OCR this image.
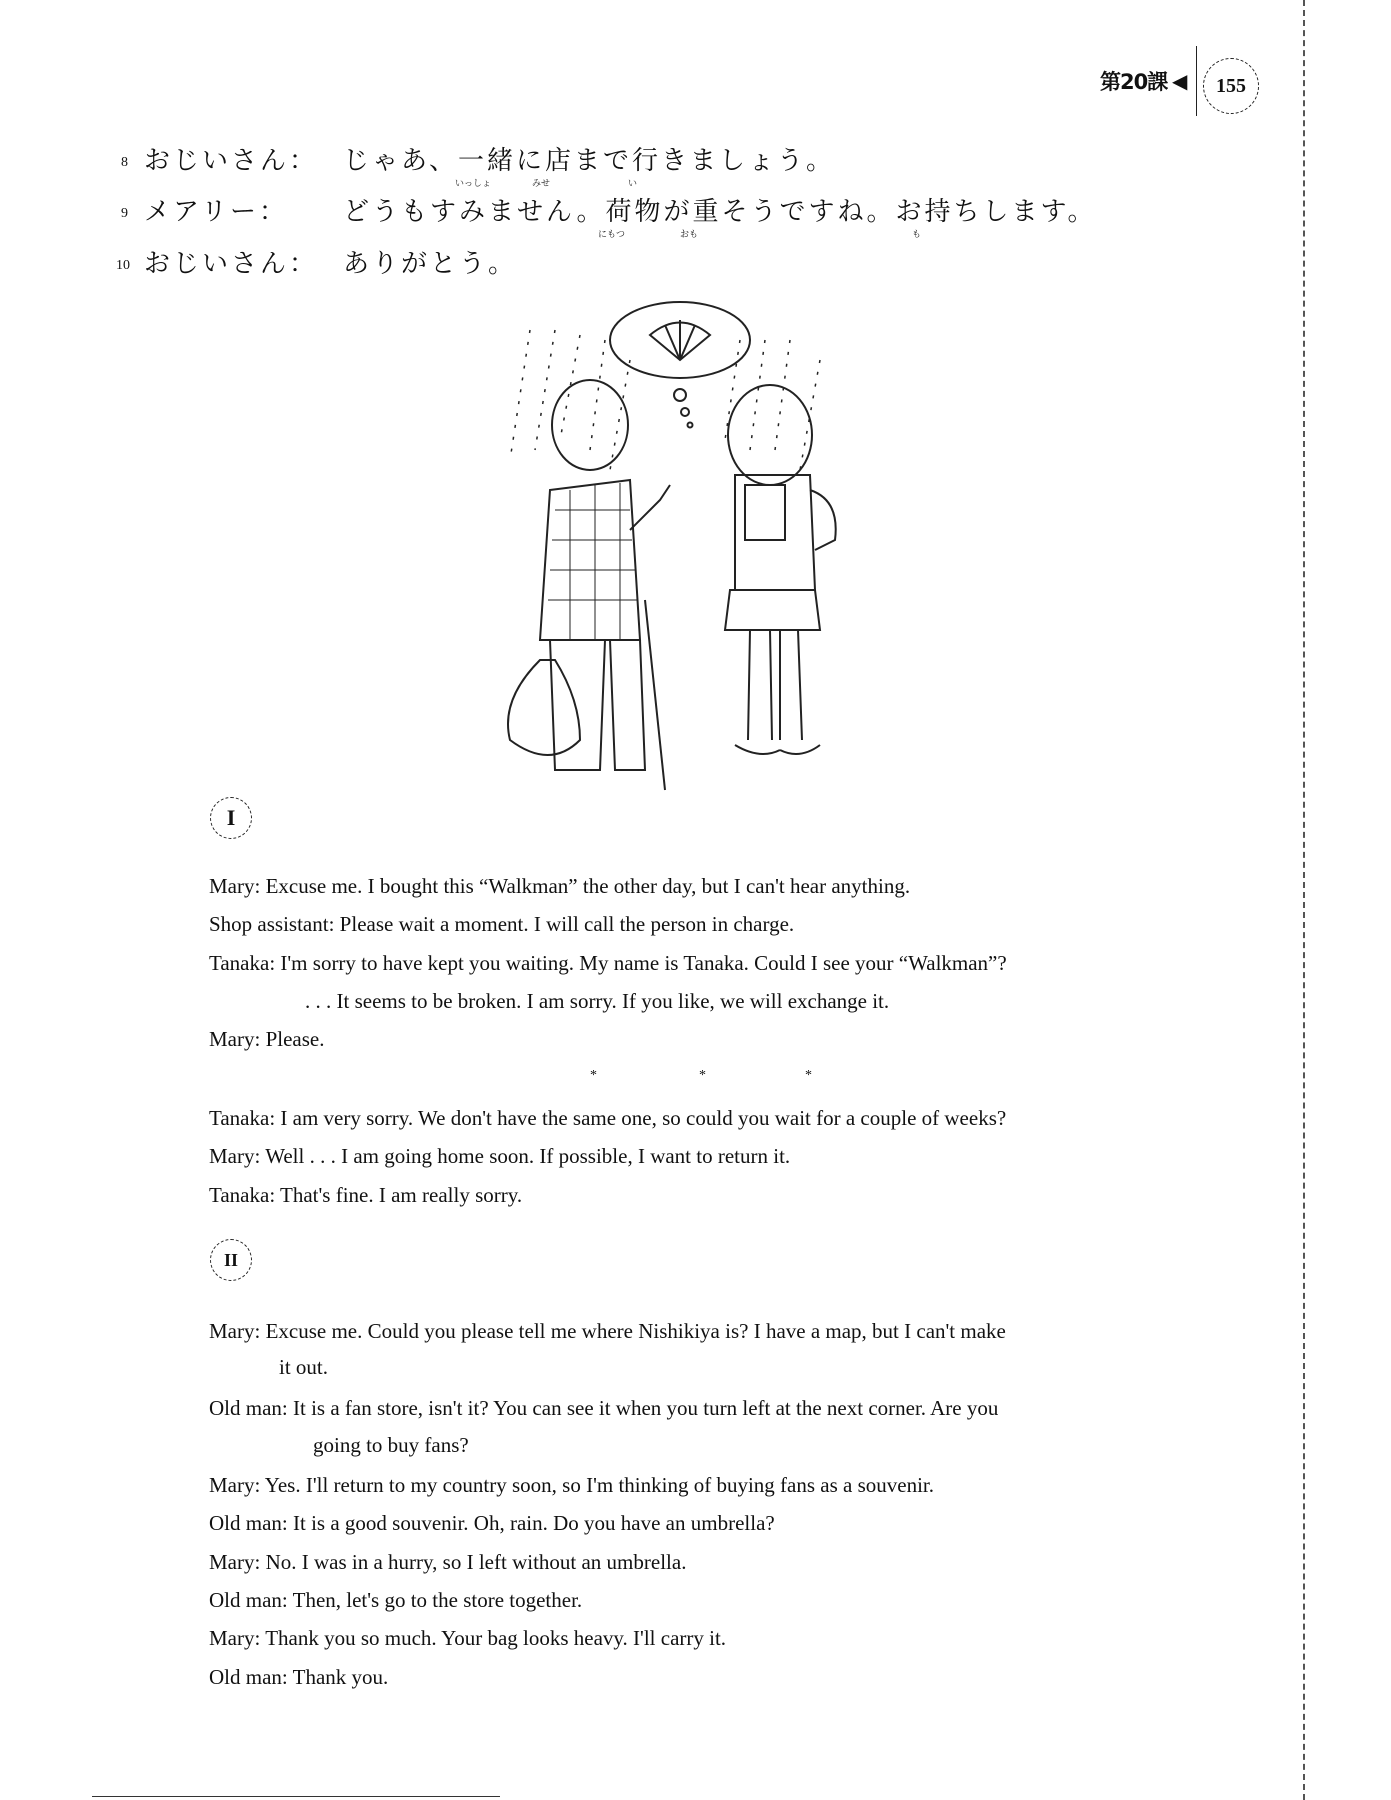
第20課 ◀	155
8 おじいさん： じゃあ、一緒に店まで行きましょう。
いっしょ	みせ	い
9 メアリー： どうもすみません。荷物が重そうですね。お持ちします。
にもつ	おも	も
10 おじいさん： ありがとう。
I
Mary: Excuse me. I bought this “Walkman” the other day, but I can't hear anything.
Shop assistant: Please wait a moment. I will call the person in charge.
Tanaka: I'm sorry to have kept you waiting. My name is Tanaka. Could I see your “Walkman”?
. . . It seems to be broken. I am sorry. If you like, we will exchange it.
Mary: Please.
*	*	*
Tanaka: I am very sorry. We don't have the same one, so could you wait for a couple of weeks?
Mary: Well . . . I am going home soon. If possible, I want to return it.
Tanaka: That's fine. I am really sorry.
II
Mary: Excuse me. Could you please tell me where Nishikiya is? I have a map, but I can't make
it out.
Old man: It is a fan store, isn't it? You can see it when you turn left at the next corner. Are you
going to buy fans?
Mary: Yes. I'll return to my country soon, so I'm thinking of buying fans as a souvenir.
Old man: It is a good souvenir. Oh, rain. Do you have an umbrella?
Mary: No. I was in a hurry, so I left without an umbrella.
Old man: Then, let's go to the store together.
Mary: Thank you so much. Your bag looks heavy. I'll carry it.
Old man: Thank you.
